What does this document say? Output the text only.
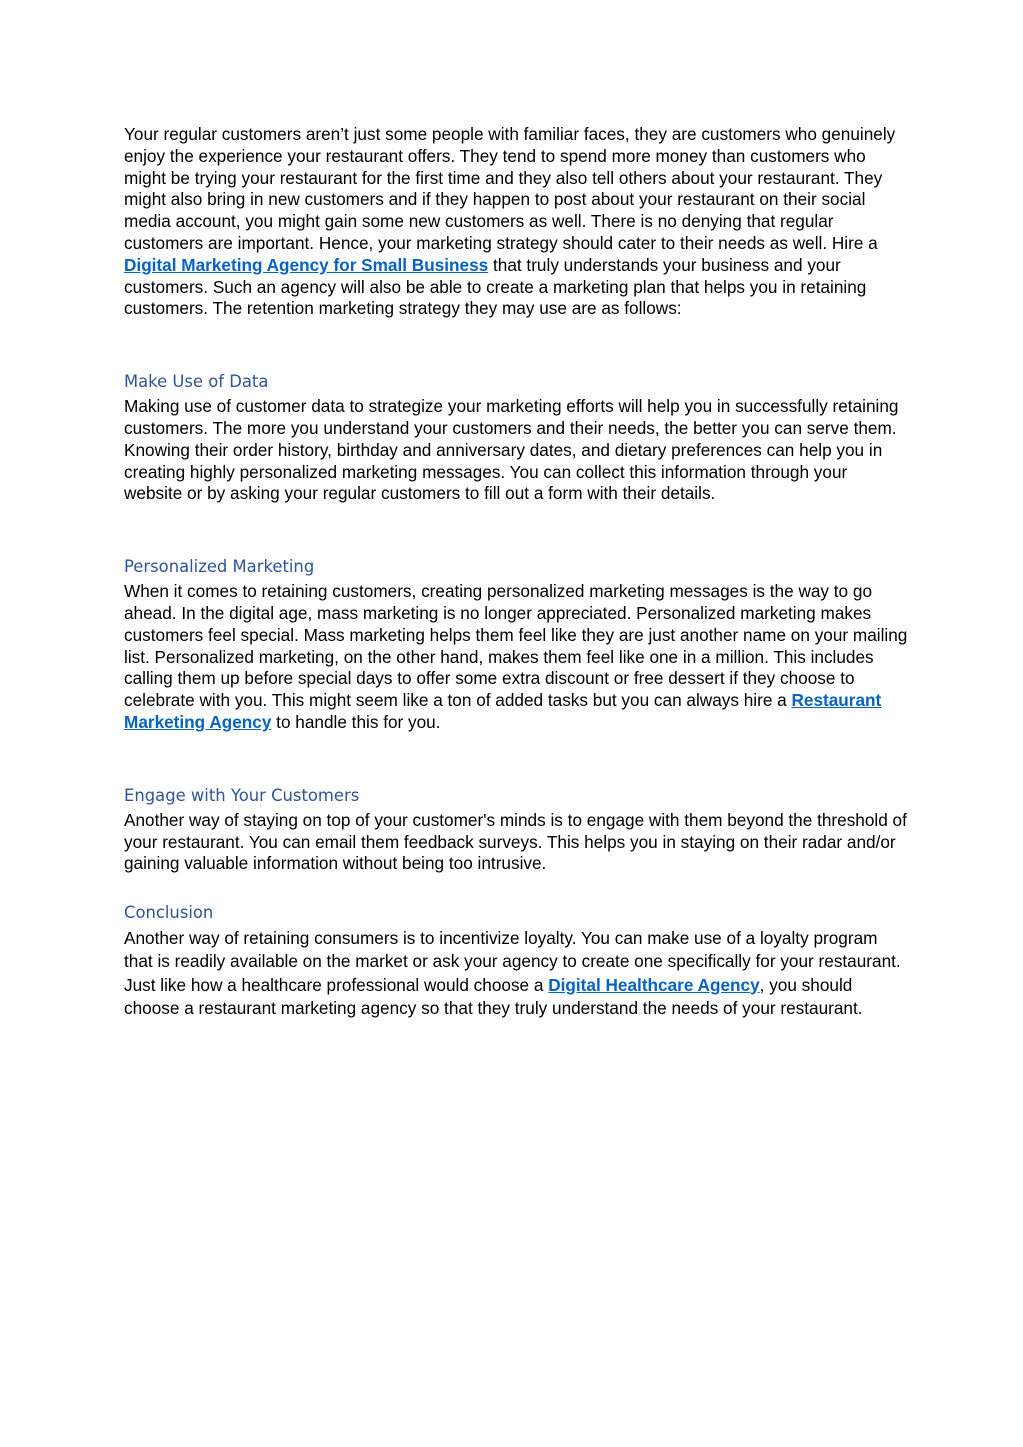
Your regular customers aren’t just some people with familiar faces, they are customers who genuinely enjoy the experience your restaurant offers. They tend to spend more money than customers who might be trying your restaurant for the first time and they also tell others about your restaurant. They might also bring in new customers and if they happen to post about your restaurant on their social media account, you might gain some new customers as well. There is no denying that regular customers are important. Hence, your marketing strategy should cater to their needs as well. Hire a Digital Marketing Agency for Small Business that truly understands your business and your customers. Such an agency will also be able to create a marketing plan that helps you in retaining customers. The retention marketing strategy they may use are as follows:

Make Use of Data

Making use of customer data to strategize your marketing efforts will help you in successfully retaining customers. The more you understand your customers and their needs, the better you can serve them. Knowing their order history, birthday and anniversary dates, and dietary preferences can help you in creating highly personalized marketing messages. You can collect this information through your website or by asking your regular customers to fill out a form with their details.

Personalized Marketing

When it comes to retaining customers, creating personalized marketing messages is the way to go ahead. In the digital age, mass marketing is no longer appreciated. Personalized marketing makes customers feel special. Mass marketing helps them feel like they are just another name on your mailing list. Personalized marketing, on the other hand, makes them feel like one in a million. This includes calling them up before special days to offer some extra discount or free dessert if they choose to celebrate with you. This might seem like a ton of added tasks but you can always hire a Restaurant Marketing Agency to handle this for you.

Engage with Your Customers

Another way of staying on top of your customer's minds is to engage with them beyond the threshold of your restaurant. You can email them feedback surveys. This helps you in staying on their radar and/or gaining valuable information without being too intrusive.

Conclusion

Another way of retaining consumers is to incentivize loyalty. You can make use of a loyalty program that is readily available on the market or ask your agency to create one specifically for your restaurant. Just like how a healthcare professional would choose a Digital Healthcare Agency, you should choose a restaurant marketing agency so that they truly understand the needs of your restaurant.
